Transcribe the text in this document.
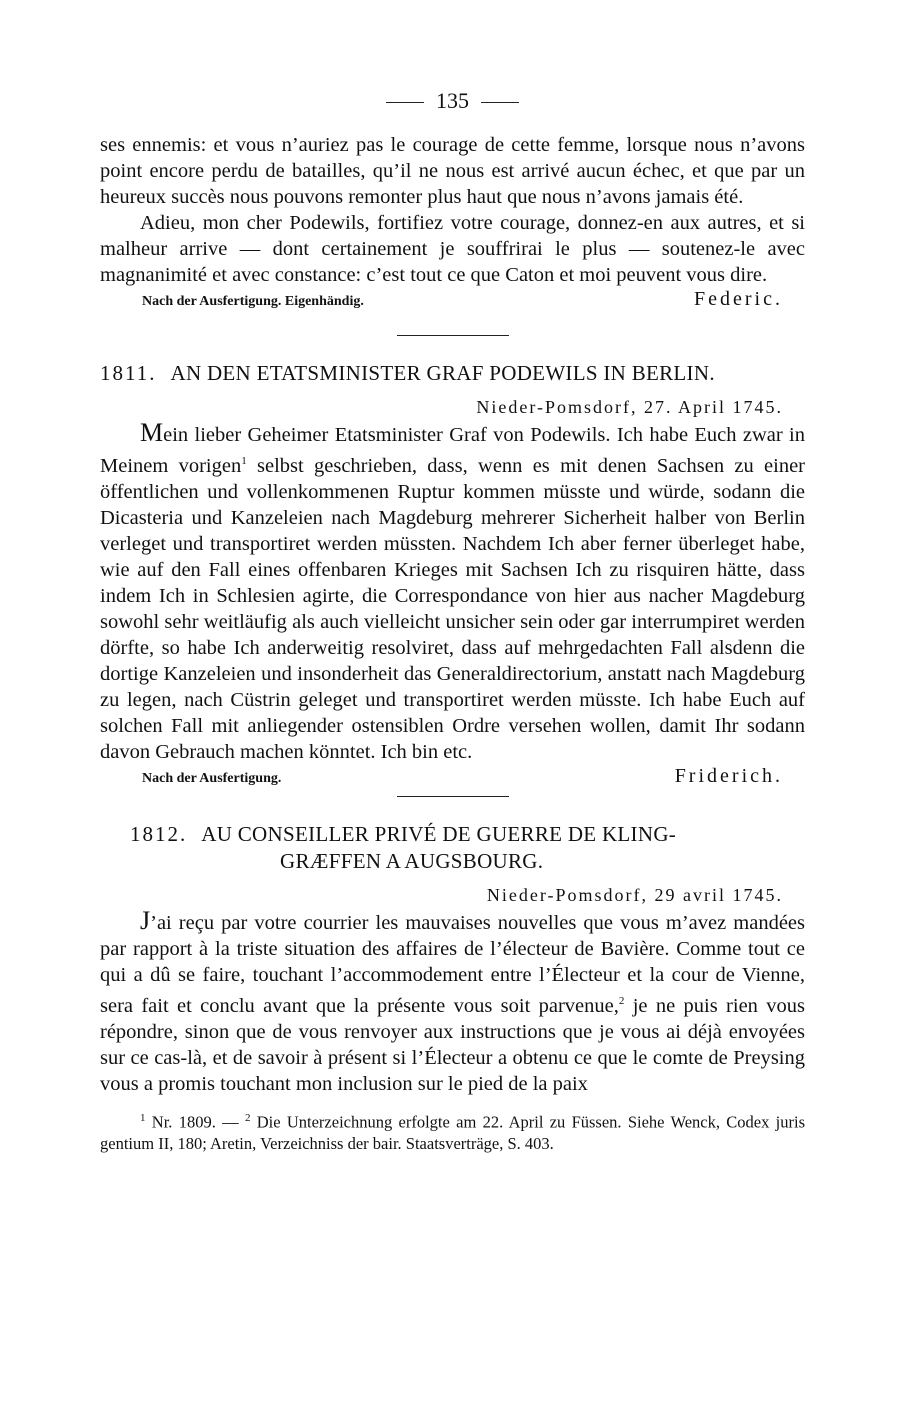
135

ses ennemis: et vous n’auriez pas le courage de cette femme, lorsque nous n’avons point encore perdu de batailles, qu’il ne nous est arrivé aucun échec, et que par un heureux succès nous pouvons remonter plus haut que nous n’avons jamais été.

Adieu, mon cher Podewils, fortifiez votre courage, donnez-en aux autres, et si malheur arrive — dont certainement je souffrirai le plus — soutenez-le avec magnanimité et avec constance: c’est tout ce que Caton et moi peuvent vous dire.

Nach der Ausfertigung. Eigenhändig.	Federic.
1811. AN DEN ETATSMINISTER GRAF PODEWILS IN BERLIN.
Nieder-Pomsdorf, 27. April 1745.

Mein lieber Geheimer Etatsminister Graf von Podewils. Ich habe Euch zwar in Meinem vorigen$^1$ selbst geschrieben, dass, wenn es mit denen Sachsen zu einer öffentlichen und vollenkommenen Ruptur kommen müsste und würde, sodann die Dicasteria und Kanzeleien nach Magdeburg mehrerer Sicherheit halber von Berlin verleget und transportiret werden müssten. Nachdem Ich aber ferner überleget habe, wie auf den Fall eines offenbaren Krieges mit Sachsen Ich zu risquiren hätte, dass indem Ich in Schlesien agirte, die Correspondance von hier aus nacher Magdeburg sowohl sehr weitläufig als auch vielleicht unsicher sein oder gar interrumpiret werden dörfte, so habe Ich anderweitig resolviret, dass auf mehrgedachten Fall alsdenn die dortige Kanzeleien und insonderheit das Generaldirectorium, anstatt nach Magdeburg zu legen, nach Cüstrin geleget und transportiret werden müsste. Ich habe Euch auf solchen Fall mit anliegender ostensiblen Ordre versehen wollen, damit Ihr sodann davon Gebrauch machen könntet. Ich bin etc.

Nach der Ausfertigung.	Friderich.
1812. AU CONSEILLER PRIVÉ DE GUERRE DE KLING-
GRÆFFEN A AUGSBOURG.
Nieder-Pomsdorf, 29 avril 1745.

J’ai reçu par votre courrier les mauvaises nouvelles que vous m’avez mandées par rapport à la triste situation des affaires de l’électeur de Bavière. Comme tout ce qui a dû se faire, touchant l’accommodement entre l’Électeur et la cour de Vienne, sera fait et conclu avant que la présente vous soit parvenue,$^2$ je ne puis rien vous répondre, sinon que de vous renvoyer aux instructions que je vous ai déjà envoyées sur ce cas-là, et de savoir à présent si l’Électeur a obtenu ce que le comte de Preysing vous a promis touchant mon inclusion sur le pied de la paix

$^1$ Nr. 1809. — $^2$ Die Unterzeichnung erfolgte am 22. April zu Füssen. Siehe Wenck, Codex juris gentium II, 180; Aretin, Verzeichniss der bair. Staatsverträge, S. 403.
